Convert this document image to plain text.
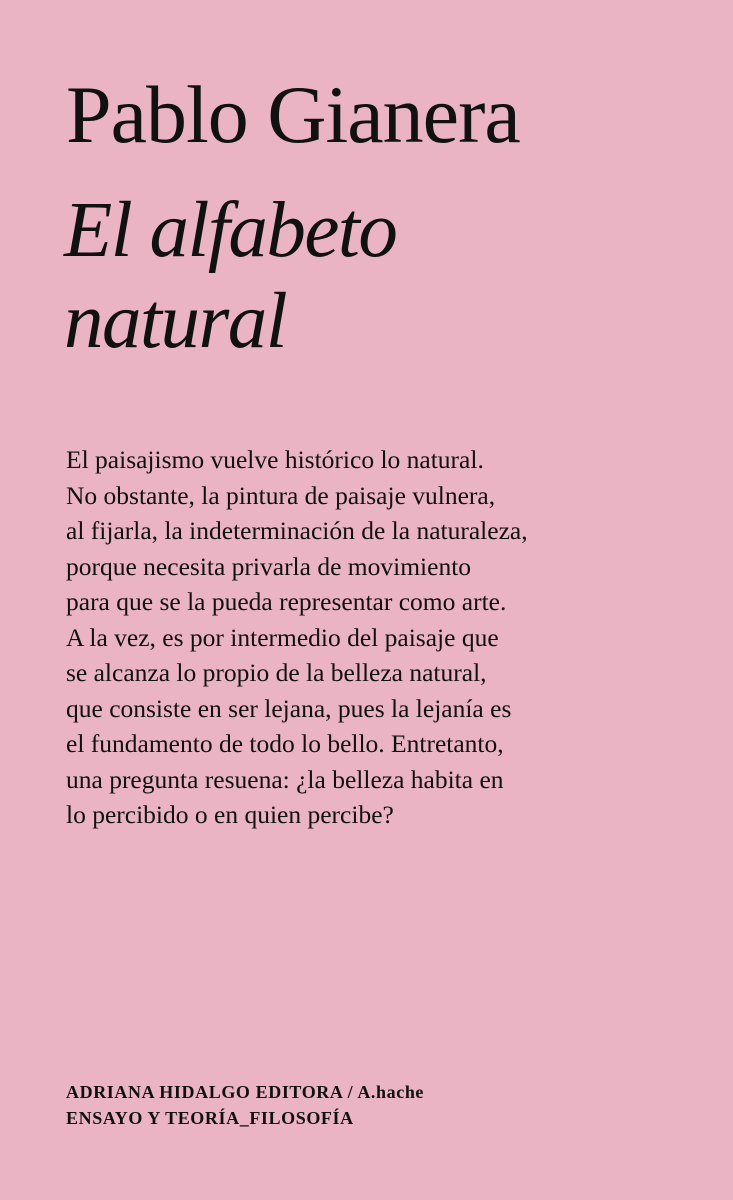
Pablo Gianera
El alfabeto
natural
El paisajismo vuelve histórico lo natural.
No obstante, la pintura de paisaje vulnera,
al fijarla, la indeterminación de la naturaleza,
porque necesita privarla de movimiento
para que se la pueda representar como arte.
A la vez, es por intermedio del paisaje que
se alcanza lo propio de la belleza natural,
que consiste en ser lejana, pues la lejanía es
el fundamento de todo lo bello. Entretanto,
una pregunta resuena: ¿la belleza habita en
lo percibido o en quien percibe?
ADRIANA HIDALGO EDITORA / A.hache
ENSAYO Y TEORÍA_FILOSOFÍA
